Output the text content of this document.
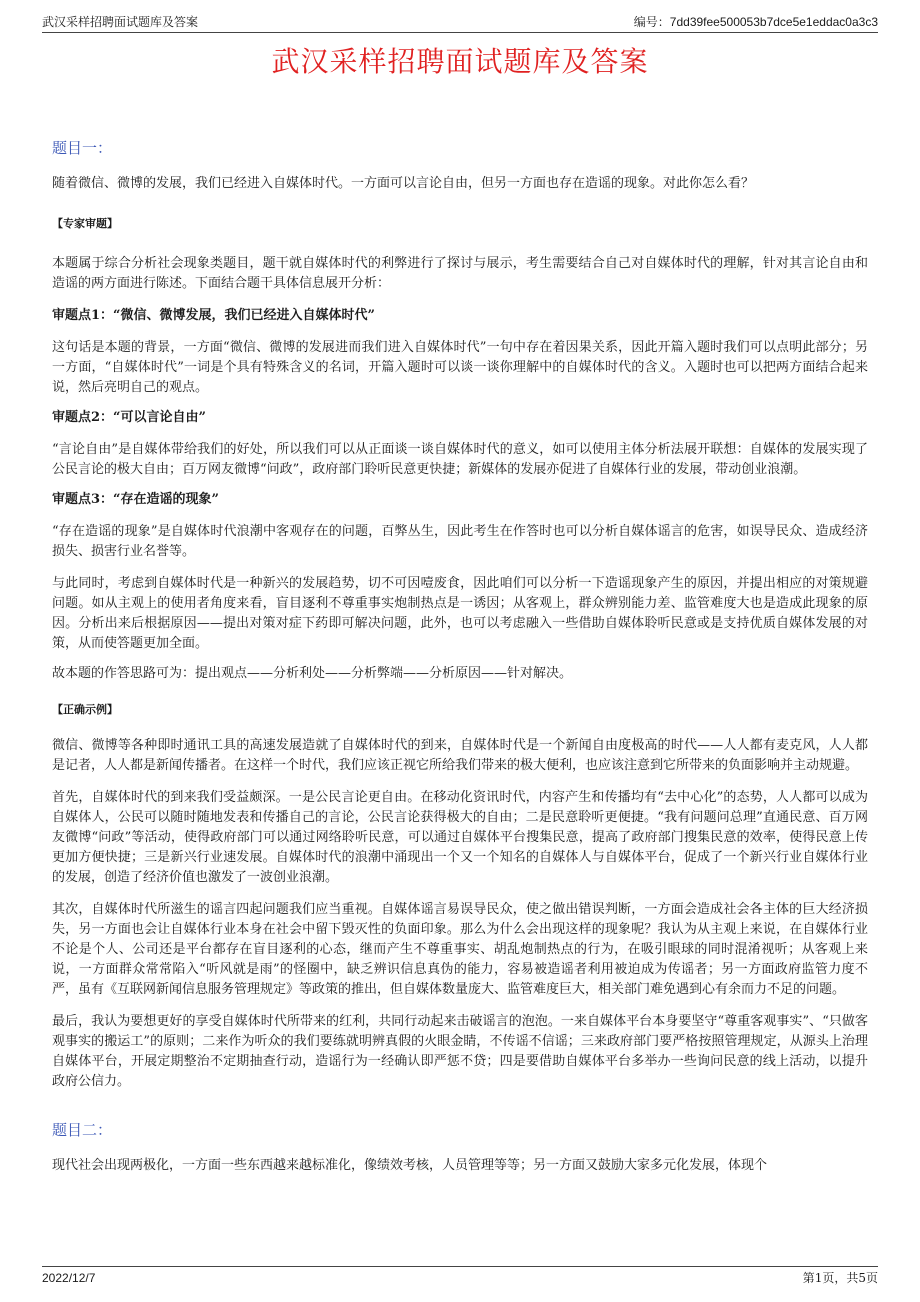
武汉采样招聘面试题库及答案	编号：7dd39fee500053b7dce5e1eddac0a3c3
武汉采样招聘面试题库及答案

题目一：

随着微信、微博的发展，我们已经进入自媒体时代。一方面可以言论自由，但另一方面也存在造谣的现象。对此你怎么看？

【专家审题】

本题属于综合分析社会现象类题目，题干就自媒体时代的利弊进行了探讨与展示，考生需要结合自己对自媒体时代的理解，针对其言论自由和造谣的两方面进行陈述。下面结合题干具体信息展开分析：

审题点1：“微信、微博发展，我们已经进入自媒体时代”

这句话是本题的背景，一方面“微信、微博的发展进而我们进入自媒体时代”一句中存在着因果关系，因此开篇入题时我们可以点明此部分；另一方面，“自媒体时代”一词是个具有特殊含义的名词，开篇入题时可以谈一谈你理解中的自媒体时代的含义。入题时也可以把两方面结合起来说，然后亮明自己的观点。

审题点2：“可以言论自由”

“言论自由”是自媒体带给我们的好处，所以我们可以从正面谈一谈自媒体时代的意义，如可以使用主体分析法展开联想：自媒体的发展实现了公民言论的极大自由；百万网友微博“问政”，政府部门聆听民意更快捷；新媒体的发展亦促进了自媒体行业的发展，带动创业浪潮。

审题点3：“存在造谣的现象”

“存在造谣的现象”是自媒体时代浪潮中客观存在的问题，百弊丛生，因此考生在作答时也可以分析自媒体谣言的危害，如误导民众、造成经济损失、损害行业名誉等。

与此同时，考虑到自媒体时代是一种新兴的发展趋势，切不可因噎废食，因此咱们可以分析一下造谣现象产生的原因，并提出相应的对策规避问题。如从主观上的使用者角度来看，盲目逐利不尊重事实炮制热点是一诱因；从客观上，群众辨别能力差、监管难度大也是造成此现象的原因。分析出来后根据原因——提出对策对症下药即可解决问题，此外，也可以考虑融入一些借助自媒体聆听民意或是支持优质自媒体发展的对策，从而使答题更加全面。

故本题的作答思路可为：提出观点——分析利处——分析弊端——分析原因——针对解决。

【正确示例】

微信、微博等各种即时通讯工具的高速发展造就了自媒体时代的到来，自媒体时代是一个新闻自由度极高的时代——人人都有麦克风，人人都是记者，人人都是新闻传播者。在这样一个时代，我们应该正视它所给我们带来的极大便利，也应该注意到它所带来的负面影响并主动规避。

首先，自媒体时代的到来我们受益颇深。一是公民言论更自由。在移动化资讯时代，内容产生和传播均有“去中心化”的态势，人人都可以成为自媒体人，公民可以随时随地发表和传播自己的言论，公民言论获得极大的自由；二是民意聆听更便捷。“我有问题问总理”直通民意、百万网友微博“问政”等活动，使得政府部门可以通过网络聆听民意，可以通过自媒体平台搜集民意，提高了政府部门搜集民意的效率，使得民意上传更加方便快捷；三是新兴行业速发展。自媒体时代的浪潮中涌现出一个又一个知名的自媒体人与自媒体平台，促成了一个新兴行业自媒体行业的发展，创造了经济价值也激发了一波创业浪潮。

其次，自媒体时代所滋生的谣言四起问题我们应当重视。自媒体谣言易误导民众，使之做出错误判断，一方面会造成社会各主体的巨大经济损失，另一方面也会让自媒体行业本身在社会中留下毁灭性的负面印象。那么为什么会出现这样的现象呢？我认为从主观上来说，在自媒体行业不论是个人、公司还是平台都存在盲目逐利的心态，继而产生不尊重事实、胡乱炮制热点的行为，在吸引眼球的同时混淆视听；从客观上来说，一方面群众常常陷入“听风就是雨”的怪圈中，缺乏辨识信息真伪的能力，容易被造谣者利用被迫成为传谣者；另一方面政府监管力度不严，虽有《互联网新闻信息服务管理规定》等政策的推出，但自媒体数量庞大、监管难度巨大，相关部门难免遇到心有余而力不足的问题。

最后，我认为要想更好的享受自媒体时代所带来的红利，共同行动起来击破谣言的泡泡。一来自媒体平台本身要坚守“尊重客观事实”、“只做客观事实的搬运工”的原则；二来作为听众的我们要练就明辨真假的火眼金睛，不传谣不信谣；三来政府部门要严格按照管理规定，从源头上治理自媒体平台，开展定期整治不定期抽查行动，造谣行为一经确认即严惩不贷；四是要借助自媒体平台多举办一些询问民意的线上活动，以提升政府公信力。

题目二：

现代社会出现两极化，一方面一些东西越来越标准化，像绩效考核，人员管理等等；另一方面又鼓励大家多元化发展，体现个

2022/12/7	第1页，共5页
